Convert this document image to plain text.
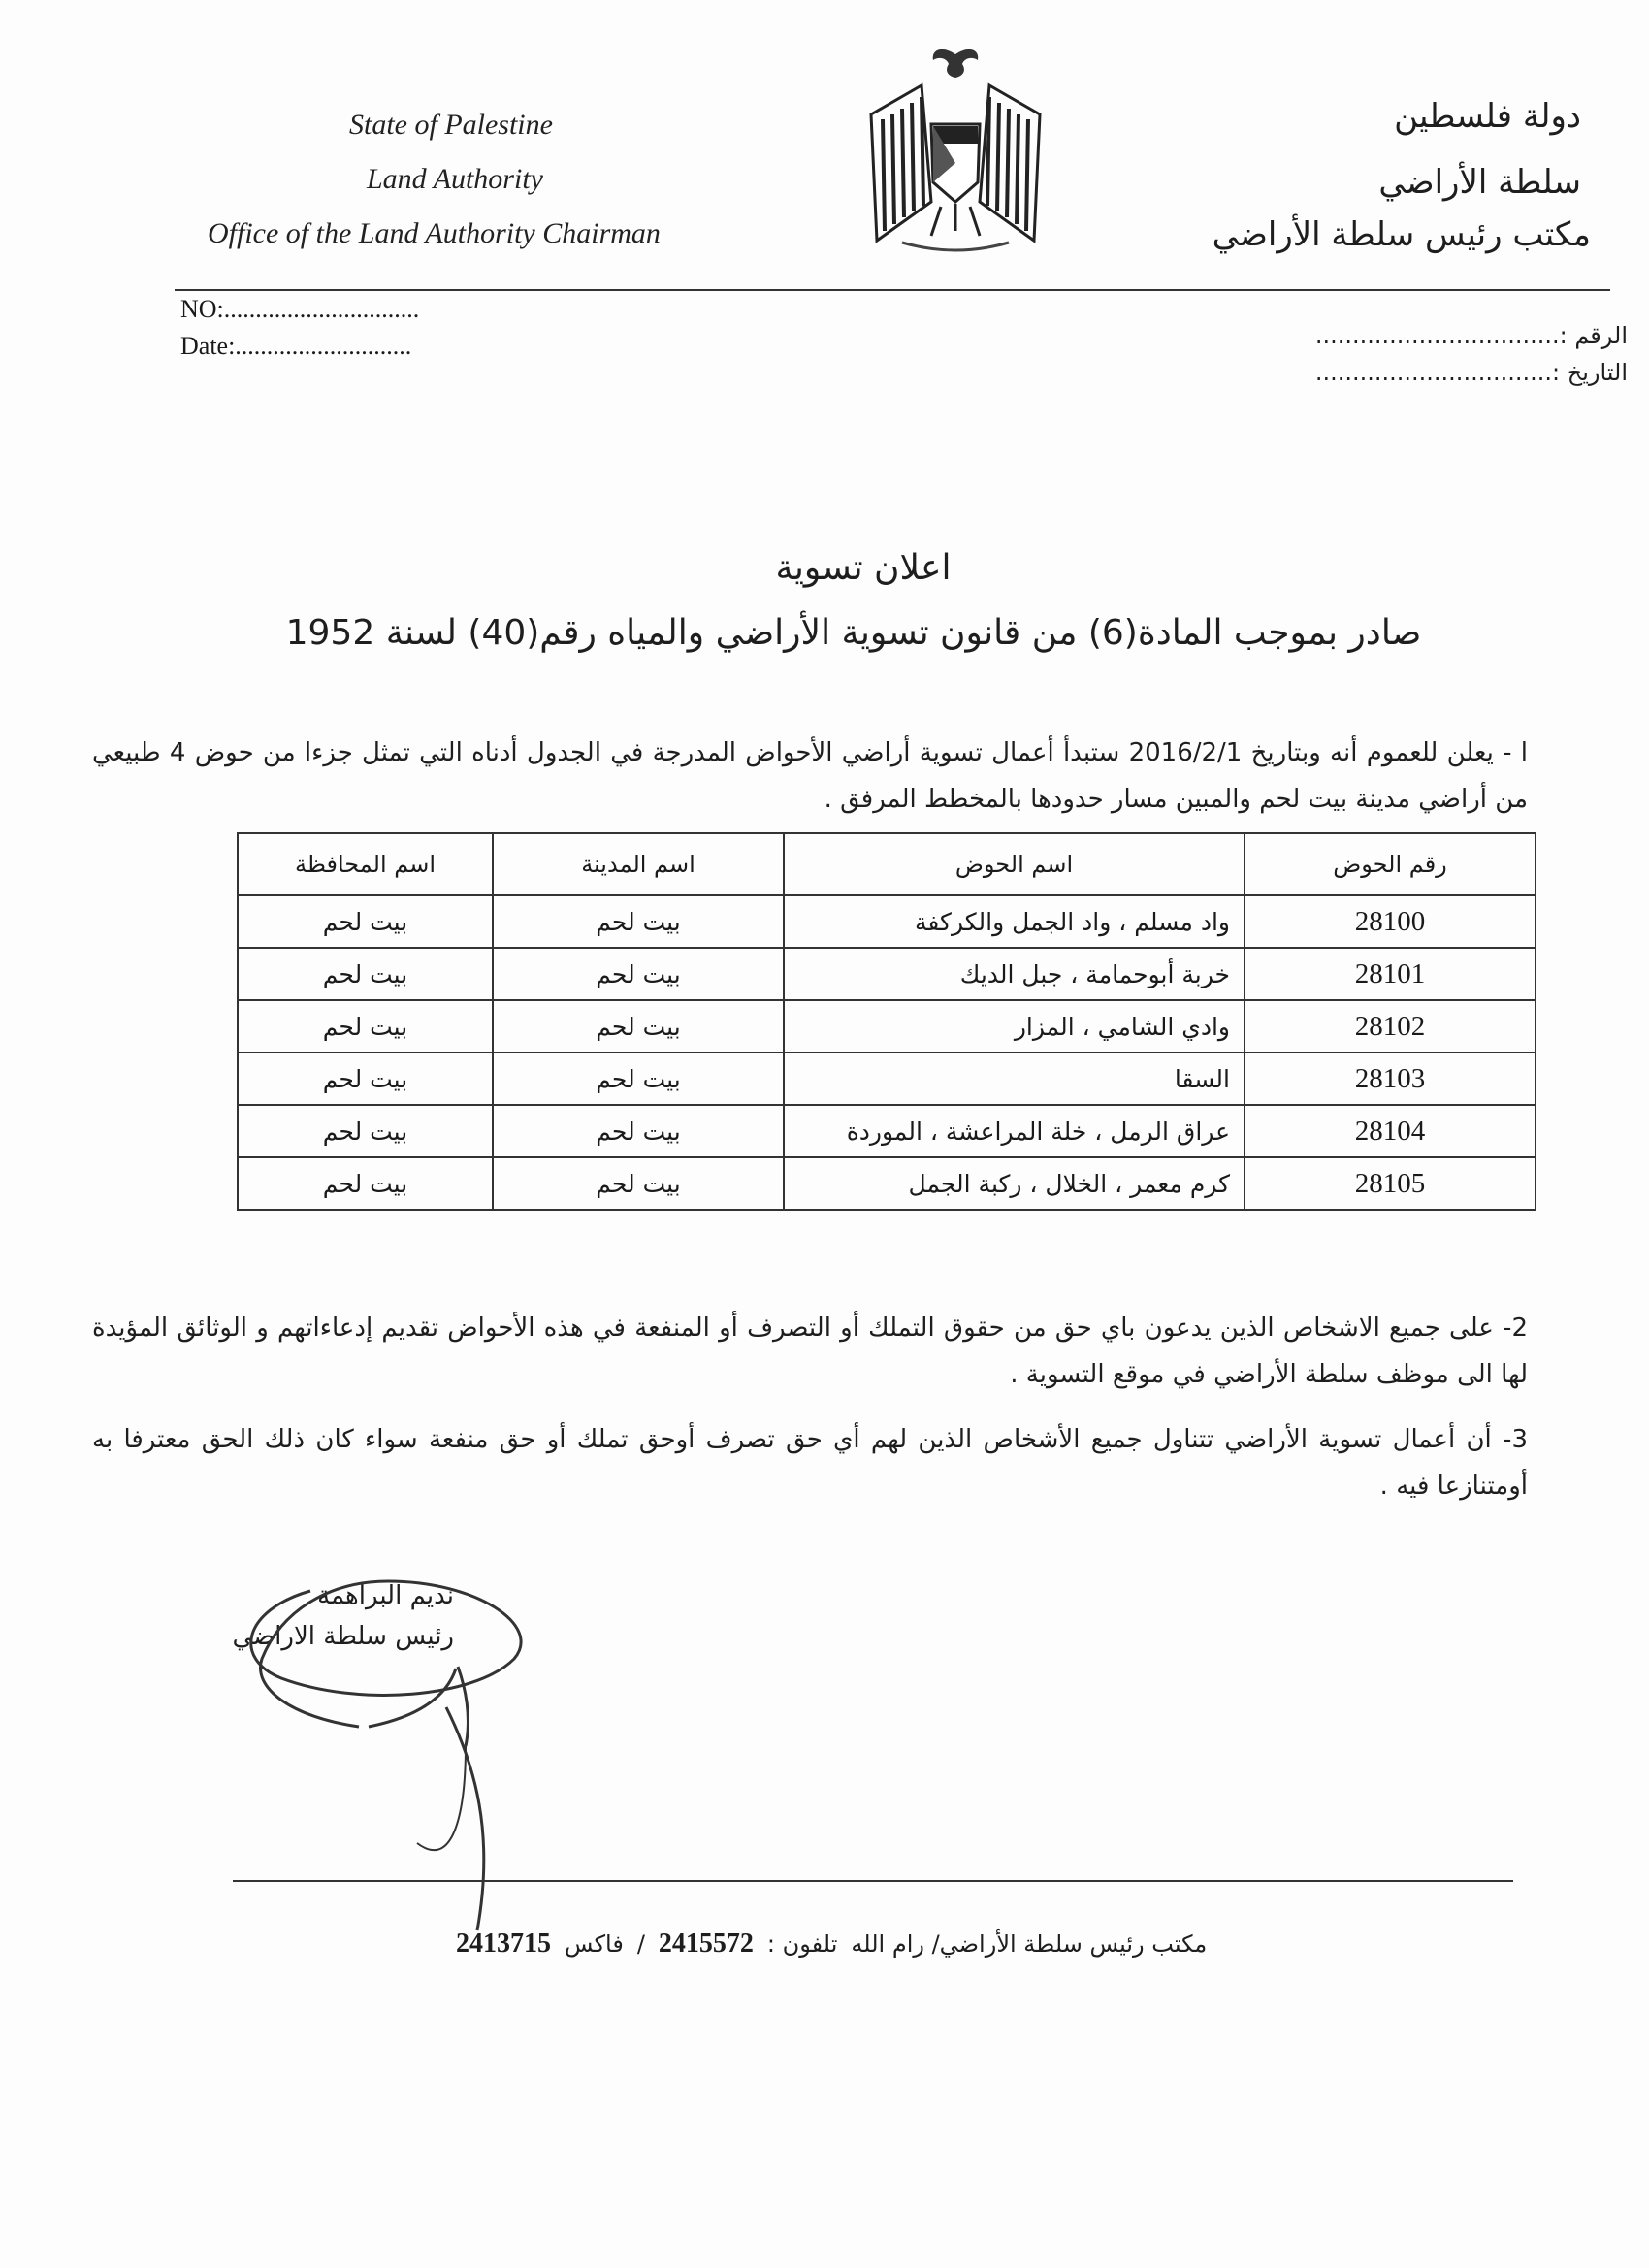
State of Palestine
Land Authority
Office of the Land Authority Chairman
دولة فلسطين
سلطة الأراضي
مكتب رئيس سلطة الأراضي
NO:...............................
Date:............................	الرقم :.................................
التاريخ :................................
اعلان تسوية
صادر بموجب المادة(6) من قانون تسوية الأراضي والمياه رقم(40) لسنة 1952
ا - يعلن للعموم أنه وبتاريخ 2016/2/1 ستبدأ أعمال تسوية أراضي الأحواض المدرجة في الجدول أدناه التي تمثل جزءا من حوض 4 طبيعي من أراضي مدينة بيت لحم والمبين مسار حدودها بالمخطط المرفق .
رقم الحوض	اسم الحوض	اسم المدينة	اسم المحافظة
28100	واد مسلم ، واد الجمل والكركفة	بيت لحم	بيت لحم
28101	خربة أبوحمامة ، جبل الديك	بيت لحم	بيت لحم
28102	وادي الشامي ، المزار	بيت لحم	بيت لحم
28103	السقا	بيت لحم	بيت لحم
28104	عراق الرمل ، خلة المراعشة ، الموردة	بيت لحم	بيت لحم
28105	كرم معمر ، الخلال ، ركبة الجمل	بيت لحم	بيت لحم
2- على جميع الاشخاص الذين يدعون باي حق من حقوق التملك أو التصرف أو المنفعة في هذه الأحواض تقديم إدعاءاتهم و الوثائق المؤيدة لها الى موظف سلطة الأراضي في موقع التسوية .
3- أن أعمال تسوية الأراضي تتناول جميع الأشخاص الذين لهم أي حق تصرف أوحق تملك أو حق منفعة سواء كان ذلك الحق معترفا به أومتنازعا فيه .
نديم البراهمة
رئيس سلطة الاراضي
مكتب رئيس سلطة الأراضي/ رام الله
تلفون :
2415572
/
فاكس
2413715
